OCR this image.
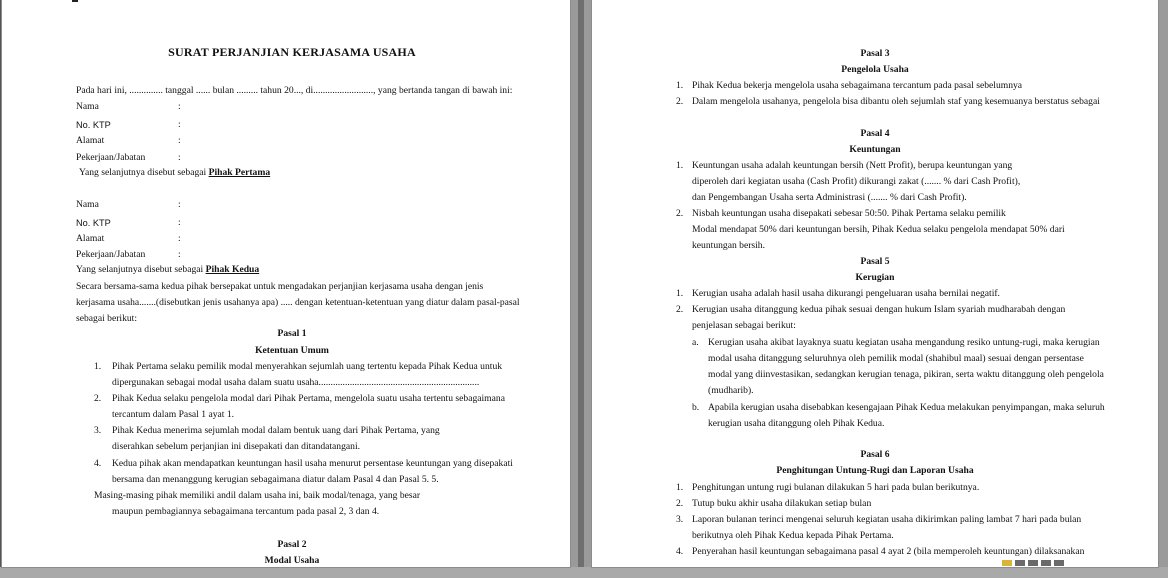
SURAT PERJANJIAN KERJASAMA USAHA
Pada hari ini, .............. tanggal ...... bulan ......... tahun 20..., di........................., yang bertanda tangan di bawah ini:
Nama	:
No. KTP	:
Alamat	:
Pekerjaan/Jabatan	:
Yang selanjutnya disebut sebagai Pihak Pertama
Nama	:
No. KTP	:
Alamat	:
Pekerjaan/Jabatan	:
Yang selanjutnya disebut sebagai Pihak Kedua
Secara bersama-sama kedua pihak bersepakat untuk mengadakan perjanjian kerjasama usaha dengan jenis
kerjasama usaha.......(disebutkan jenis usahanya apa) ..... dengan ketentuan-ketentuan yang diatur dalam pasal-pasal
sebagai berikut:
Pasal 1
Ketentuan Umum
1. Pihak Pertama selaku pemilik modal menyerahkan sejumlah uang tertentu kepada Pihak Kedua untuk
dipergunakan sebagai modal usaha dalam suatu usaha...................................................................
2. Pihak Kedua selaku pengelola modal dari Pihak Pertama, mengelola suatu usaha tertentu sebagaimana
tercantum dalam Pasal 1 ayat 1.
3. Pihak Kedua menerima sejumlah modal dalam bentuk uang dari Pihak Pertama, yang
diserahkan sebelum perjanjian ini disepakati dan ditandatangani.
4. Kedua pihak akan mendapatkan keuntungan hasil usaha menurut persentase keuntungan yang disepakati
bersama dan menanggung kerugian sebagaimana diatur dalam Pasal 4 dan Pasal 5. 5.
Masing-masing pihak memiliki andil dalam usaha ini, baik modal/tenaga, yang besar
maupun pembagiannya sebagaimana tercantum pada pasal 2, 3 dan 4.
Pasal 2
Modal Usaha
Pasal 3
Pengelola Usaha
1. Pihak Kedua bekerja mengelola usaha sebagaimana tercantum pada pasal sebelumnya
2. Dalam mengelola usahanya, pengelola bisa dibantu oleh sejumlah staf yang kesemuanya berstatus sebagai
Pasal 4
Keuntungan
1. Keuntungan usaha adalah keuntungan bersih (Nett Profit), berupa keuntungan yang
diperoleh dari kegiatan usaha (Cash Profit) dikurangi zakat (....... % dari Cash Profit),
dan Pengembangan Usaha serta Administrasi (....... % dari Cash Profit).
2. Nisbah keuntungan usaha disepakati sebesar 50:50. Pihak Pertama selaku pemilik
Modal mendapat 50% dari keuntungan bersih, Pihak Kedua selaku pengelola mendapat 50% dari
keuntungan bersih.
Pasal 5
Kerugian
1. Kerugian usaha adalah hasil usaha dikurangi pengeluaran usaha bernilai negatif.
2. Kerugian usaha ditanggung kedua pihak sesuai dengan hukum Islam syariah mudharabah dengan
penjelasan sebagai berikut:
a. Kerugian usaha akibat layaknya suatu kegiatan usaha mengandung resiko untung-rugi, maka kerugian
modal usaha ditanggung seluruhnya oleh pemilik modal (shahibul maal) sesuai dengan persentase
modal yang diinvestasikan, sedangkan kerugian tenaga, pikiran, serta waktu ditanggung oleh pengelola
(mudharib).
b. Apabila kerugian usaha disebabkan kesengajaan Pihak Kedua melakukan penyimpangan, maka seluruh
kerugian usaha ditanggung oleh Pihak Kedua.
Pasal 6
Penghitungan Untung-Rugi dan Laporan Usaha
1. Penghitungan untung rugi bulanan dilakukan 5 hari pada bulan berikutnya.
2. Tutup buku akhir usaha dilakukan setiap bulan
3. Laporan bulanan terinci mengenai seluruh kegiatan usaha dikirimkan paling lambat 7 hari pada bulan
berikutnya oleh Pihak Kedua kepada Pihak Pertama.
4. Penyerahan hasil keuntungan sebagaimana pasal 4 ayat 2 (bila memperoleh keuntungan) dilaksanakan
